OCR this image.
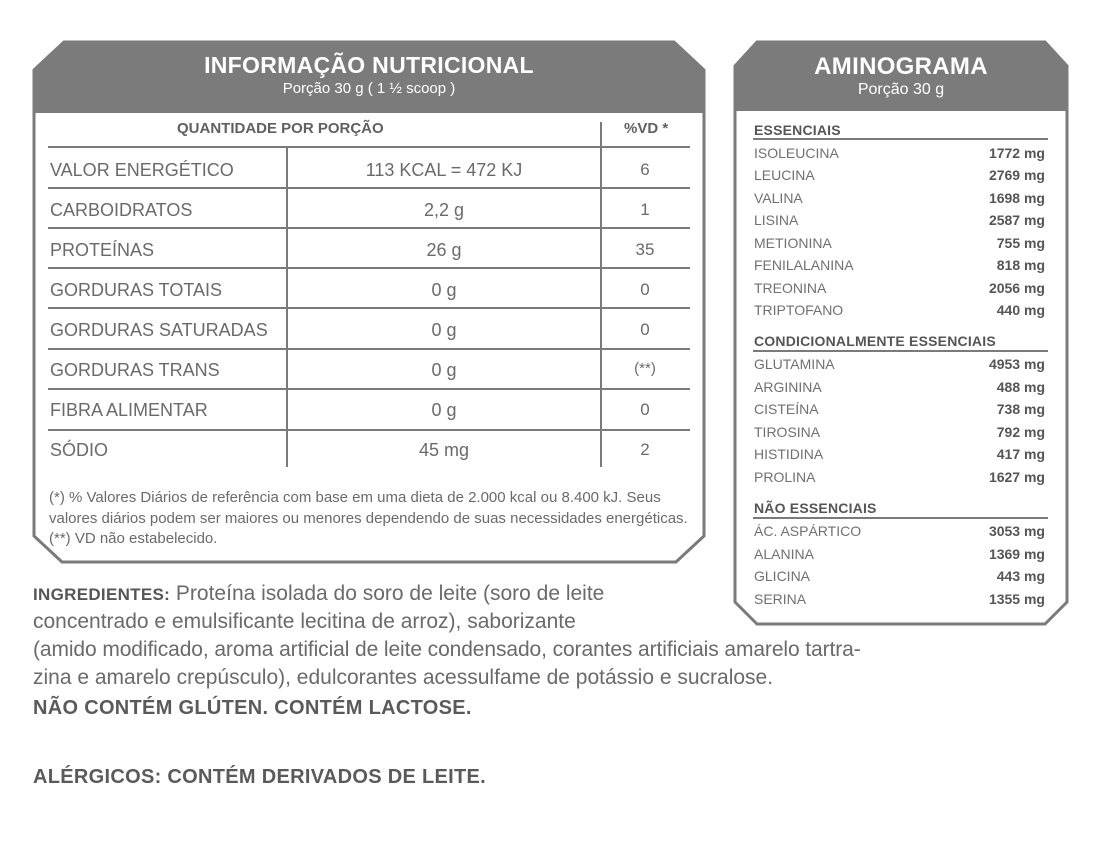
INFORMAÇÃO NUTRICIONAL
Porção 30 g ( 1 ½ scoop )
QUANTIDADE POR PORÇÃO	%VD *
VALOR ENERGÉTICO	113 KCAL = 472 KJ	6
CARBOIDRATOS	2,2 g	1
PROTEÍNAS	26 g	35
GORDURAS TOTAIS	0 g	0
GORDURAS SATURADAS	0 g	0
GORDURAS TRANS	0 g	(**)
FIBRA ALIMENTAR	0 g	0
SÓDIO	45 mg	2
(*) % Valores Diários de referência com base em uma dieta de 2.000 kcal ou 8.400 kJ. Seus valores diários podem ser maiores ou menores dependendo de suas necessidades energéticas. (**) VD não estabelecido.
AMINOGRAMA
Porção 30 g
ESSENCIAIS
ISOLEUCINA	1772 mg
LEUCINA	2769 mg
VALINA	1698 mg
LISINA	2587 mg
METIONINA	755 mg
FENILALANINA	818 mg
TREONINA	2056 mg
TRIPTOFANO	440 mg
CONDICIONALMENTE ESSENCIAIS
GLUTAMINA	4953 mg
ARGININA	488 mg
CISTEÍNA	738 mg
TIROSINA	792 mg
HISTIDINA	417 mg
PROLINA	1627 mg
NÃO ESSENCIAIS
ÁC. ASPÁRTICO	3053 mg
ALANINA	1369 mg
GLICINA	443 mg
SERINA	1355 mg
INGREDIENTES: Proteína isolada do soro de leite (soro de leite
concentrado e emulsificante lecitina de arroz), saborizante
(amido modificado, aroma artificial de leite condensado, corantes artificiais amarelo tartra-
zina e amarelo crepúsculo), edulcorantes acessulfame de potássio e sucralose.
NÃO CONTÉM GLÚTEN. CONTÉM LACTOSE.
ALÉRGICOS: CONTÉM DERIVADOS DE LEITE.
